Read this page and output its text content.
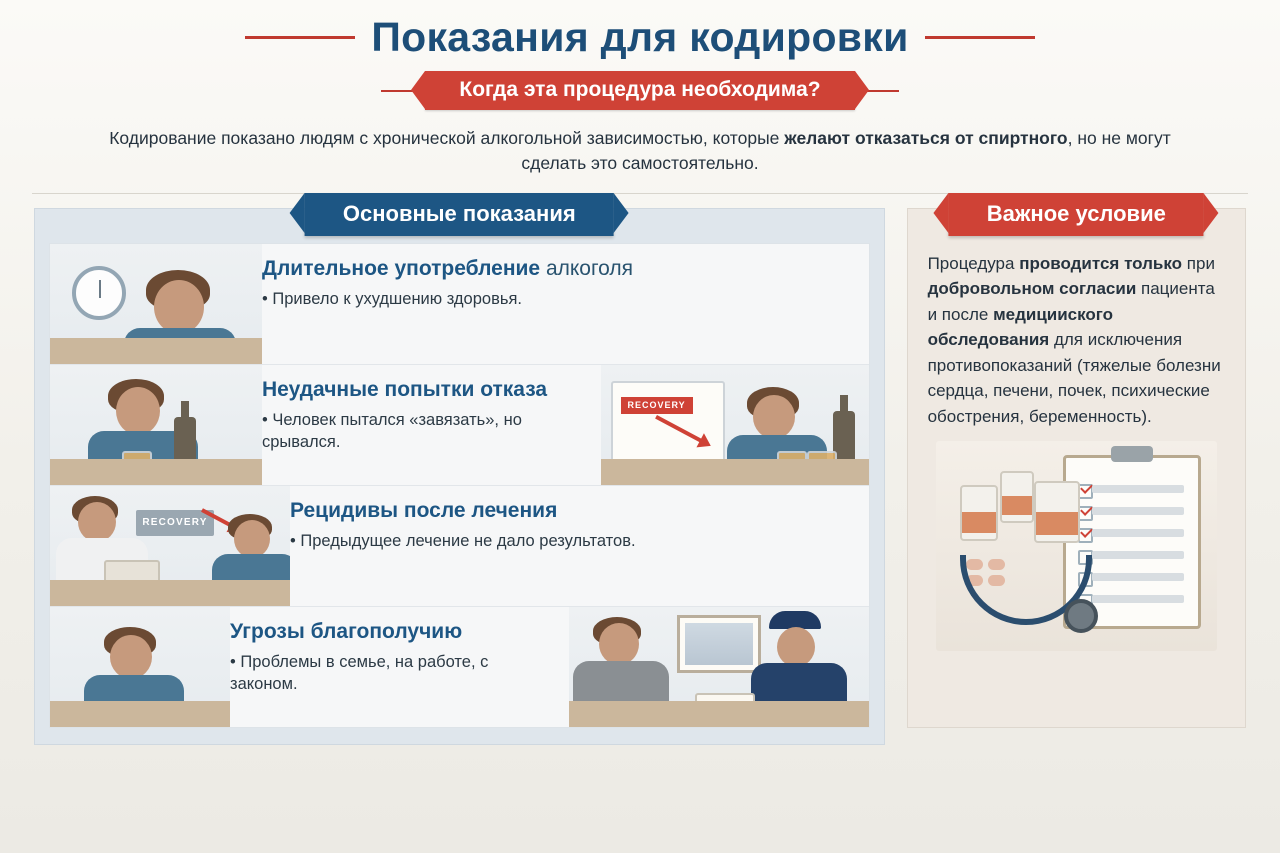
Показания для кодировки
Когда эта процедура необходима?
Кодирование показано людям с хронической алкогольной зависимостью, которые желают отказаться от спиртного, но не могут сделать это самостоятельно.
Основные показания
Длительное употребление алкоголя
• Привело к ухудшению здоровья.
Неудачные попытки отказа
• Человек пытался «завязать», но срывался.
RECOVERY
RECOVERY
Рецидивы после лечения
• Предыдущее лечение не дало результатов.
Угрозы благополучию
• Проблемы в семье, на работе, с законом.
Важное условие
Процедура проводится только при добровольном согласии пациента и после медицииского обследования для исключения противопоказаний (тяжелые болезни сердца, печени, почек, психические обострения, беременность).
